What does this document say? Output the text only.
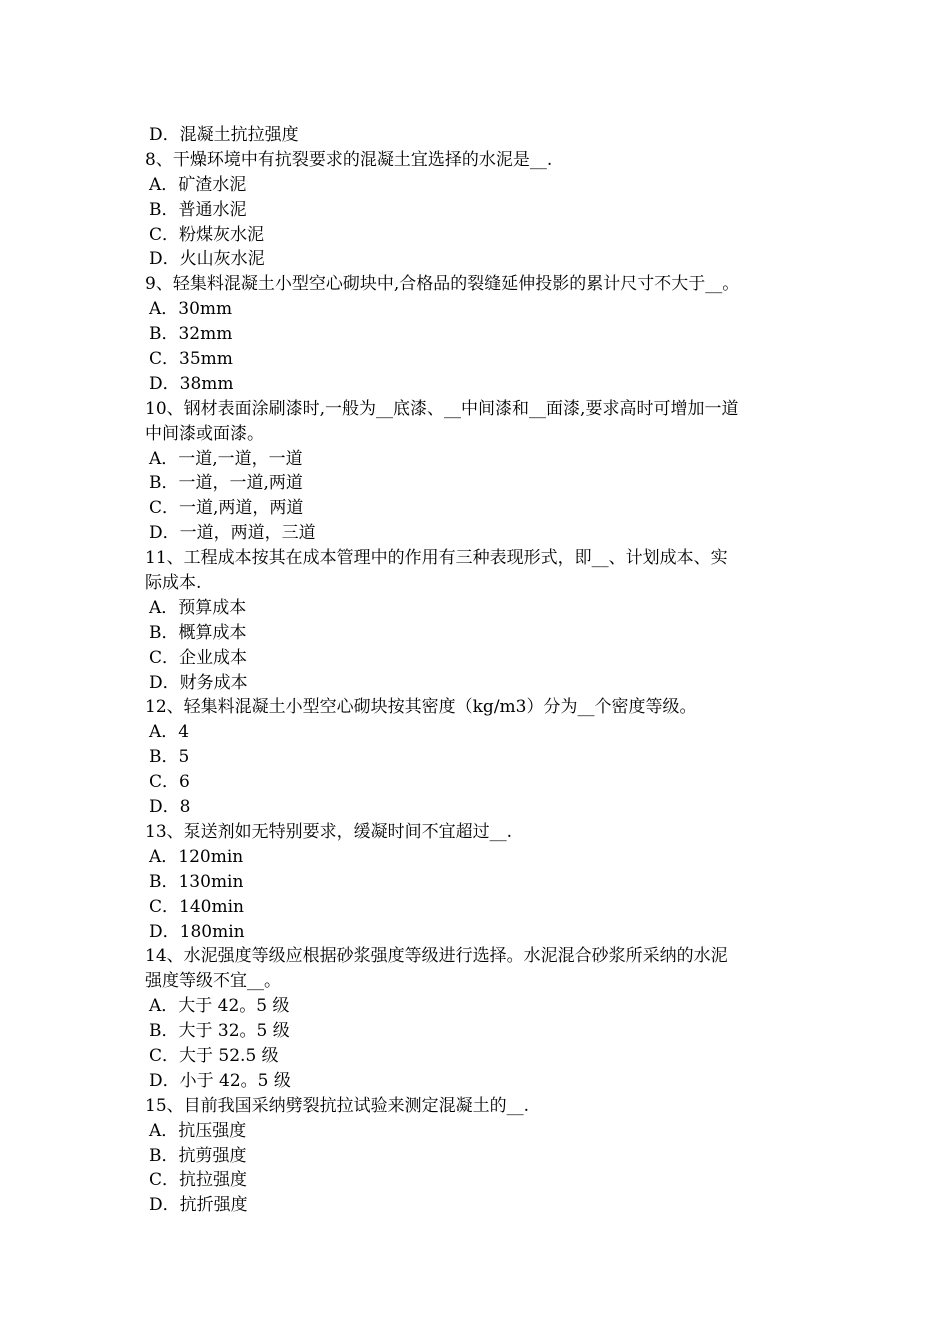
D．混凝土抗拉强度
8、干燥环境中有抗裂要求的混凝土宜选择的水泥是__.
A．矿渣水泥
B．普通水泥
C．粉煤灰水泥
D．火山灰水泥
9、轻集料混凝土小型空心砌块中,合格品的裂缝延伸投影的累计尺寸不大于__。
A．30mm
B．32mm
C．35mm
D．38mm
10、钢材表面涂刷漆时,一般为__底漆、__中间漆和__面漆,要求高时可增加一道
中间漆或面漆。
A．一道,一道，一道
B．一道，一道,两道
C．一道,两道，两道
D．一道，两道，三道
11、工程成本按其在成本管理中的作用有三种表现形式，即__、计划成本、实
际成本.
A．预算成本
B．概算成本
C．企业成本
D．财务成本
12、轻集料混凝土小型空心砌块按其密度（kg/m3）分为__个密度等级。
A．4
B．5
C．6
D．8
13、泵送剂如无特别要求，缓凝时间不宜超过__.
A．120min
B．130min
C．140min
D．180min
14、水泥强度等级应根据砂浆强度等级进行选择。水泥混合砂浆所采纳的水泥
强度等级不宜__。
A．大于 42。5 级
B．大于 32。5 级
C．大于 52.5 级
D．小于 42。5 级
15、目前我国采纳劈裂抗拉试验来测定混凝土的__.
A．抗压强度
B．抗剪强度
C．抗拉强度
D．抗折强度
